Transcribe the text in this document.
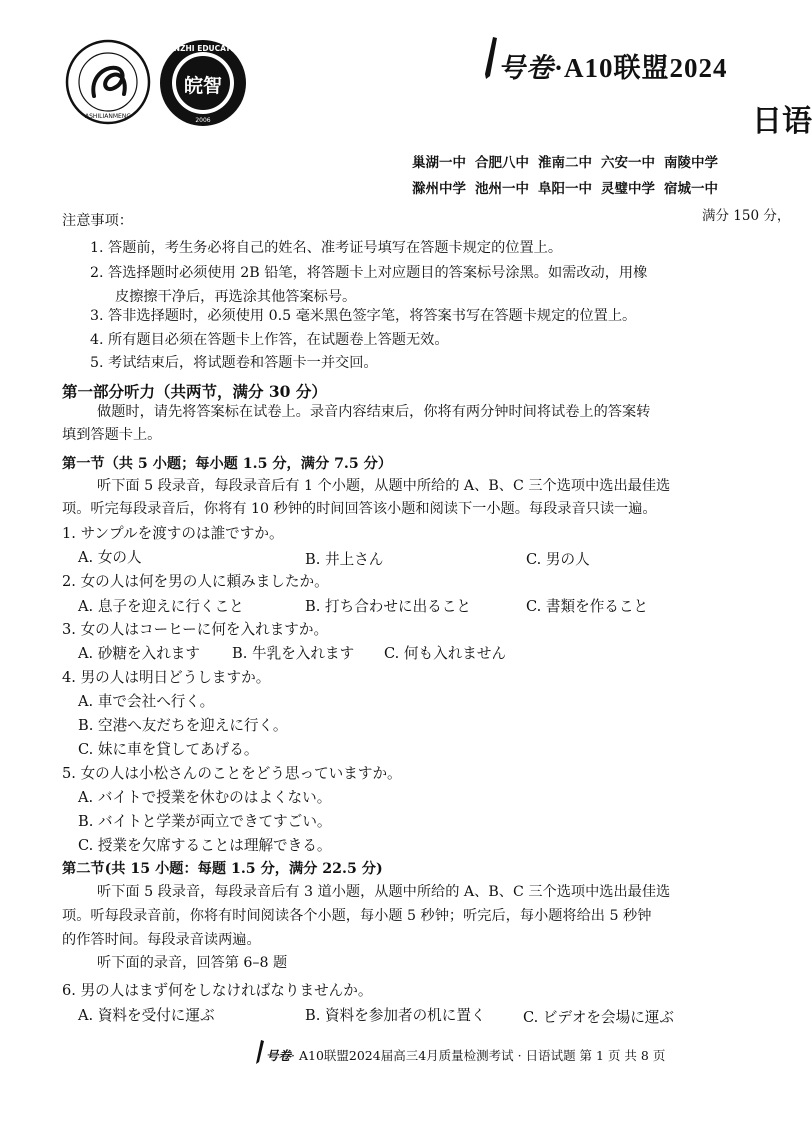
ASHILIANMENG
WANZHI EDUCATION
皖智
2006
号卷·A10联盟2024
日语
巢湖一中 合肥八中 淮南二中 六安一中 南陵中学
滁州中学 池州一中 阜阳一中 灵璧中学 宿城一中
满分 150 分，
注意事项：
1. 答题前，考生务必将自己的姓名、准考证号填写在答题卡规定的位置上。
2. 答选择题时必须使用 2B 铅笔，将答题卡上对应题目的答案标号涂黑。如需改动，用橡
皮擦擦干净后，再选涂其他答案标号。
3. 答非选择题时，必须使用 0.5 毫米黑色签字笔，将答案书写在答题卡规定的位置上。
4. 所有题目必须在答题卡上作答，在试题卷上答题无效。
5. 考试结束后，将试题卷和答题卡一并交回。
第一部分听力（共两节，满分 30 分）
做题时，请先将答案标在试卷上。录音内容结束后，你将有两分钟时间将试卷上的答案转
填到答题卡上。
第一节（共 5 小题；每小题 1.5 分，满分 7.5 分）
听下面 5 段录音，每段录音后有 1 个小题，从题中所给的 A、B、C 三个选项中选出最佳选
项。听完每段录音后，你将有 10 秒钟的时间回答该小题和阅读下一小题。每段录音只读一遍。
1. サンプルを渡すのは誰ですか。
A. 女の人	B. 井上さん	C. 男の人
2. 女の人は何を男の人に頼みましたか。
A. 息子を迎えに行くこと	B. 打ち合わせに出ること	C. 書類を作ること
3. 女の人はコーヒーに何を入れますか。
A. 砂糖を入れます B. 牛乳を入れます C. 何も入れません
4. 男の人は明日どうしますか。
A. 車で会社へ行く。
B. 空港へ友だちを迎えに行く。
C. 妹に車を貸してあげる。
5. 女の人は小松さんのことをどう思っていますか。
A. バイトで授業を休むのはよくない。
B. バイトと学業が両立できてすごい。
C. 授業を欠席することは理解できる。
第二节(共 15 小题：每题 1.5 分，满分 22.5 分)
听下面 5 段录音，每段录音后有 3 道小题，从题中所给的 A、B、C 三个选项中选出最佳选
项。听每段录音前，你将有时间阅读各个小题，每小题 5 秒钟；听完后，每小题将给出 5 秒钟
的作答时间。每段录音读两遍。
听下面的录音，回答第 6–8 题
6. 男の人はまず何をしなければなりませんか。
A. 資料を受付に運ぶ	B. 資料を参加者の机に置く	C. ビデオを会場に運ぶ
号卷· A10联盟2024届高三4月质量检测考试 · 日语试题 第 1 页 共 8 页
